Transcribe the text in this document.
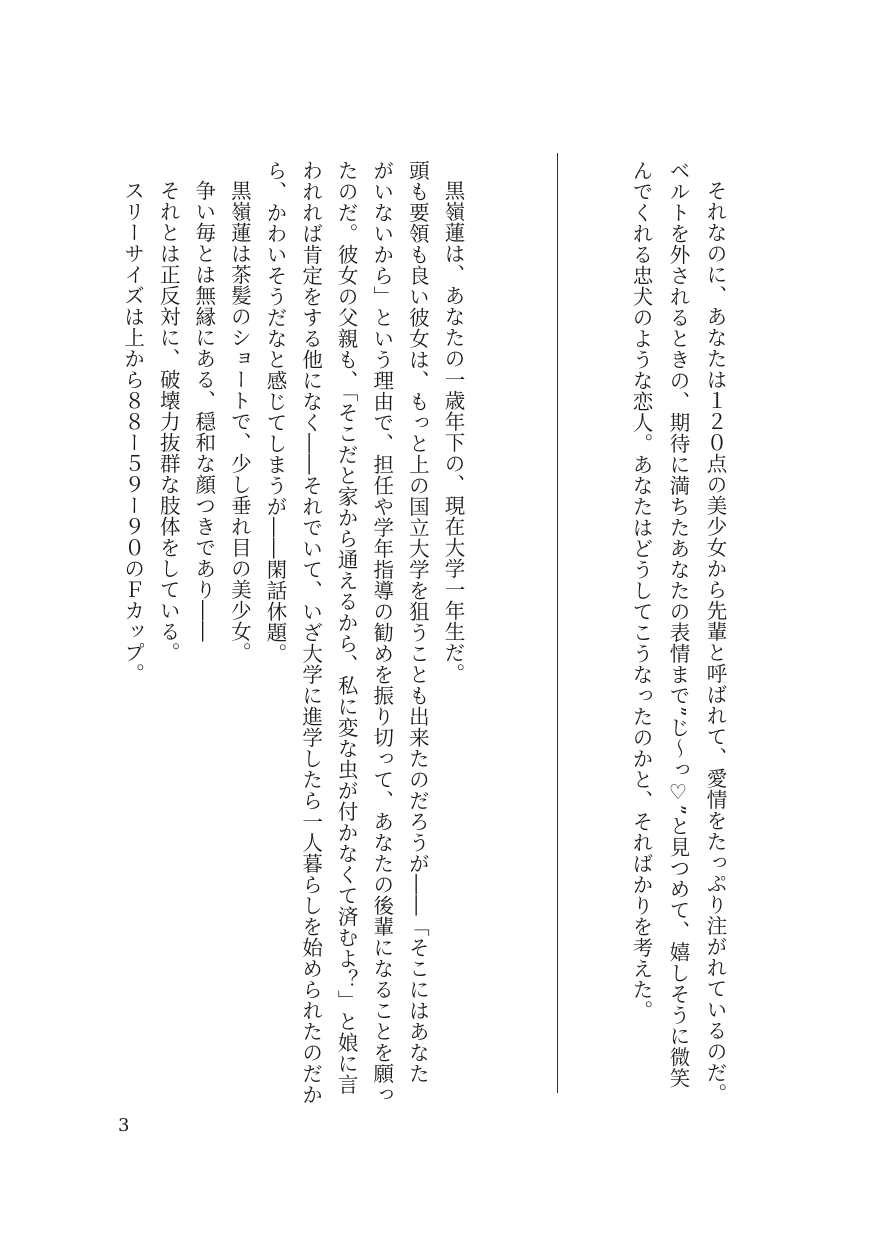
それなのに、あなたは１２０点の美少女から先輩と呼ばれて、愛情をたっぷり注がれているのだ。
ベルトを外されるときの、期待に満ちたあなたの表情まで”じ～っ♡”と見つめて、嬉しそうに微笑
んでくれる忠犬のような恋人。あなたはどうしてこうなったのかと、そればかりを考えた。
黒嶺蓮は、あなたの一歳年下の、現在大学一年生だ。
頭も要領も良い彼女は、もっと上の国立大学を狙うことも出来たのだろうが――「そこにはあなた
がいないから」という理由で、担任や学年指導の勧めを振り切って、あなたの後輩になることを願っ
たのだ。彼女の父親も、「そこだと家から通えるから、私に変な虫が付かなくて済むよ？」と娘に言
われれば肯定をする他になく――それでいて、いざ大学に進学したら一人暮らしを始められたのだか
ら、かわいそうだなと感じてしまうが――閑話休題。
黒嶺蓮は茶髪のショートで、少し垂れ目の美少女。
争い毎とは無縁にある、穏和な顔つきであり――
それとは正反対に、破壊力抜群な肢体をしている。
スリーサイズは上から８８ー５９ー９０のＦカップ。
3
